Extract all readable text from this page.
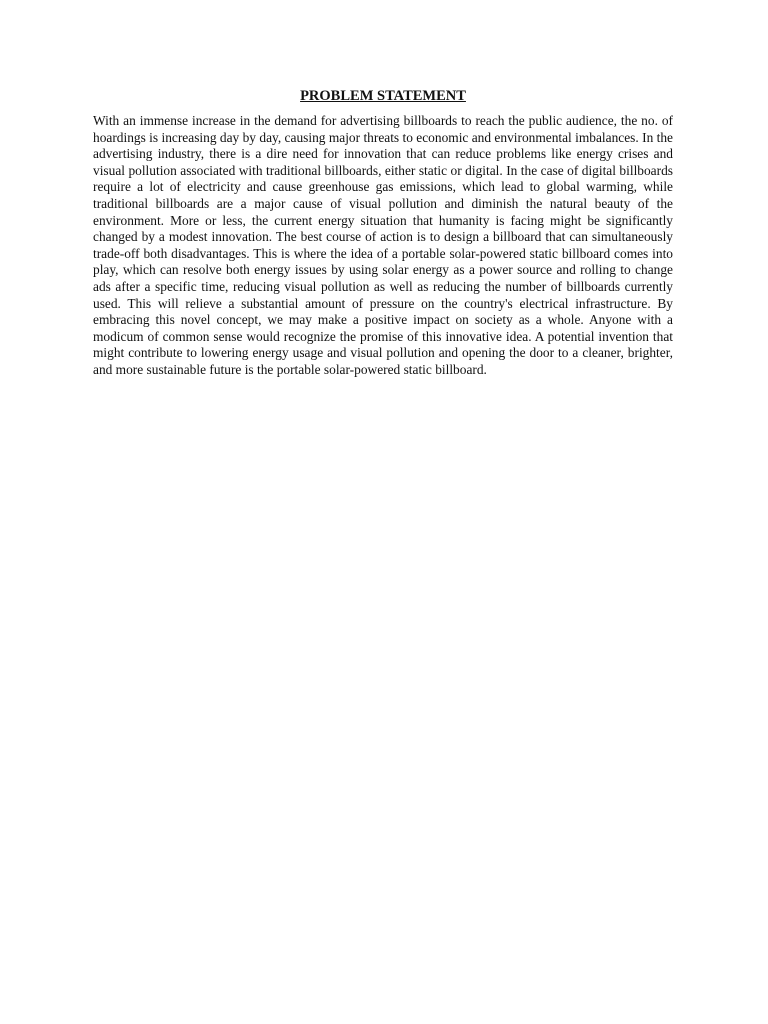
PROBLEM STATEMENT

With an immense increase in the demand for advertising billboards to reach the public audience, the no. of hoardings is increasing day by day, causing major threats to economic and environmental imbalances. In the advertising industry, there is a dire need for innovation that can reduce problems like energy crises and visual pollution associated with traditional billboards, either static or digital. In the case of digital billboards require a lot of electricity and cause greenhouse gas emissions, which lead to global warming, while traditional billboards are a major cause of visual pollution and diminish the natural beauty of the environment. More or less, the current energy situation that humanity is facing might be significantly changed by a modest innovation. The best course of action is to design a billboard that can simultaneously trade-off both disadvantages. This is where the idea of a portable solar-powered static billboard comes into play, which can resolve both energy issues by using solar energy as a power source and rolling to change ads after a specific time, reducing visual pollution as well as reducing the number of billboards currently used. This will relieve a substantial amount of pressure on the country's electrical infrastructure. By embracing this novel concept, we may make a positive impact on society as a whole. Anyone with a modicum of common sense would recognize the promise of this innovative idea. A potential invention that might contribute to lowering energy usage and visual pollution and opening the door to a cleaner, brighter, and more sustainable future is the portable solar-powered static billboard.
